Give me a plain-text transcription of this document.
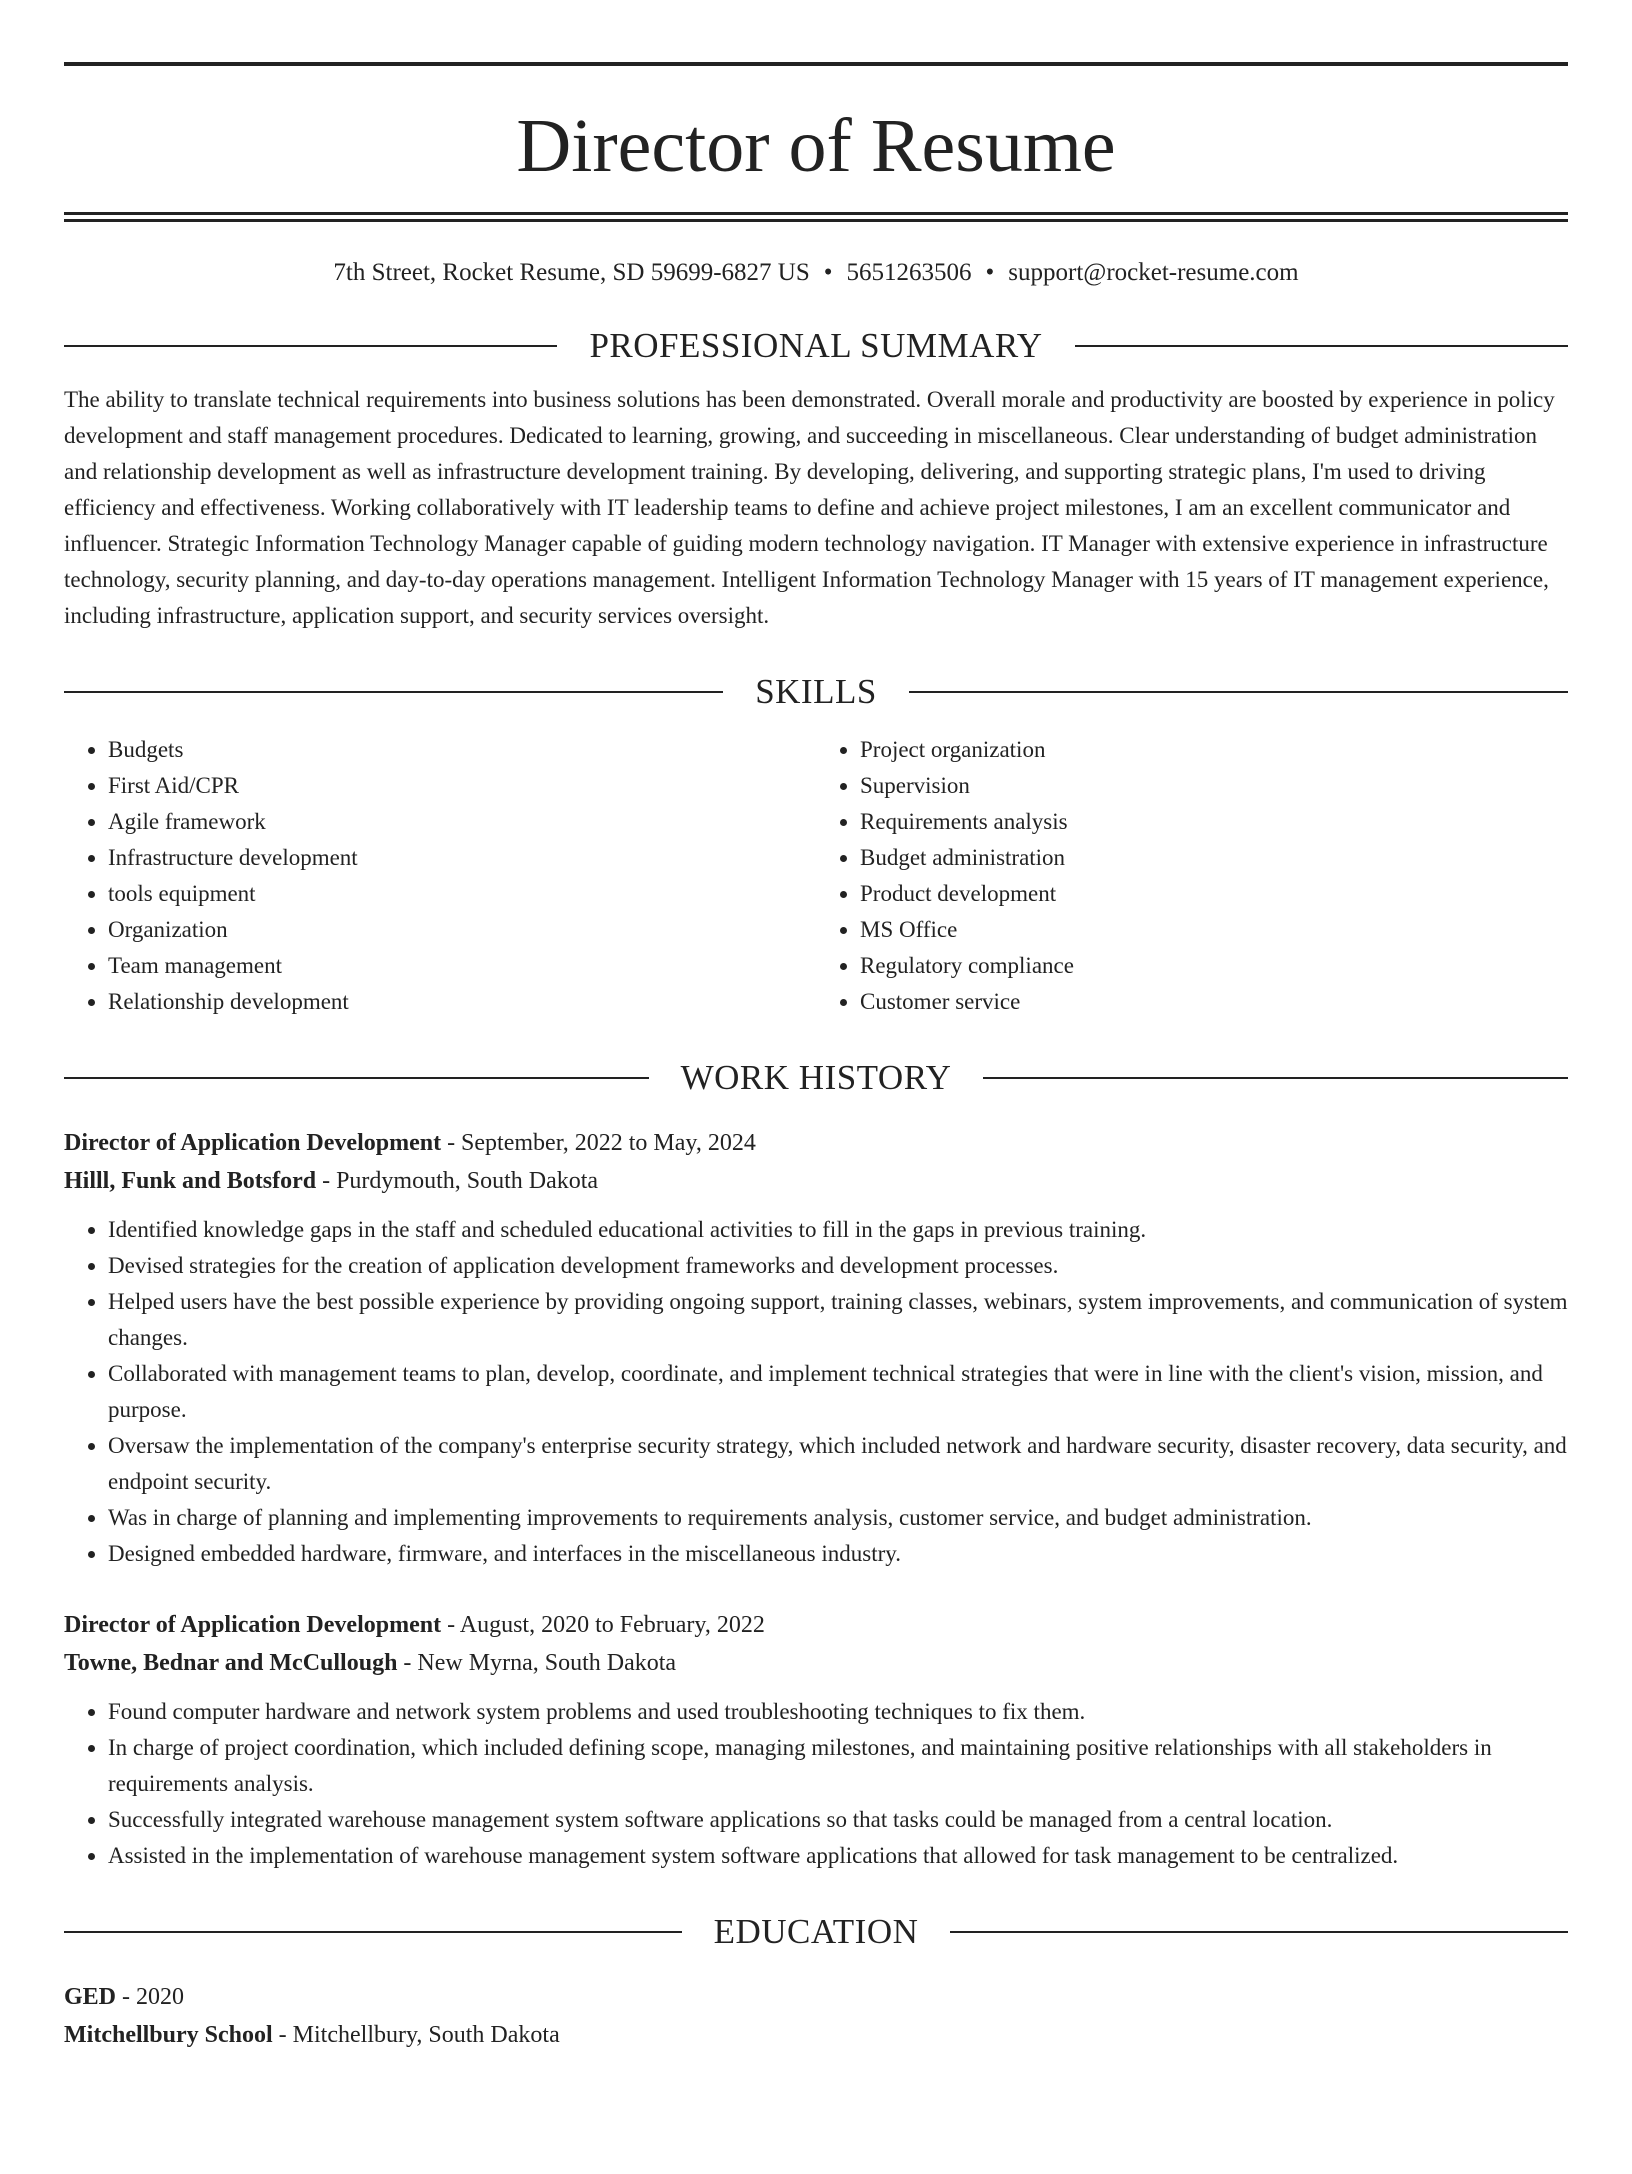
Director of Resume
7th Street, Rocket Resume, SD 59699-6827 US • 5651263506 • support@rocket-resume.com
PROFESSIONAL SUMMARY
The ability to translate technical requirements into business solutions has been demonstrated. Overall morale and productivity are boosted by experience in policy development and staff management procedures. Dedicated to learning, growing, and succeeding in miscellaneous. Clear understanding of budget administration and relationship development as well as infrastructure development training. By developing, delivering, and supporting strategic plans, I'm used to driving efficiency and effectiveness. Working collaboratively with IT leadership teams to define and achieve project milestones, I am an excellent communicator and influencer. Strategic Information Technology Manager capable of guiding modern technology navigation. IT Manager with extensive experience in infrastructure technology, security planning, and day-to-day operations management. Intelligent Information Technology Manager with 15 years of IT management experience, including infrastructure, application support, and security services oversight.
SKILLS
• Budgets
• First Aid/CPR
• Agile framework
• Infrastructure development
• tools equipment
• Organization
• Team management
• Relationship development
• Project organization
• Supervision
• Requirements analysis
• Budget administration
• Product development
• MS Office
• Regulatory compliance
• Customer service
WORK HISTORY
Director of Application Development - September, 2022 to May, 2024
Hilll, Funk and Botsford - Purdymouth, South Dakota
• Identified knowledge gaps in the staff and scheduled educational activities to fill in the gaps in previous training.
• Devised strategies for the creation of application development frameworks and development processes.
• Helped users have the best possible experience by providing ongoing support, training classes, webinars, system improvements, and communication of system changes.
• Collaborated with management teams to plan, develop, coordinate, and implement technical strategies that were in line with the client's vision, mission, and purpose.
• Oversaw the implementation of the company's enterprise security strategy, which included network and hardware security, disaster recovery, data security, and endpoint security.
• Was in charge of planning and implementing improvements to requirements analysis, customer service, and budget administration.
• Designed embedded hardware, firmware, and interfaces in the miscellaneous industry.
Director of Application Development - August, 2020 to February, 2022
Towne, Bednar and McCullough - New Myrna, South Dakota
• Found computer hardware and network system problems and used troubleshooting techniques to fix them.
• In charge of project coordination, which included defining scope, managing milestones, and maintaining positive relationships with all stakeholders in requirements analysis.
• Successfully integrated warehouse management system software applications so that tasks could be managed from a central location.
• Assisted in the implementation of warehouse management system software applications that allowed for task management to be centralized.
EDUCATION
GED - 2020
Mitchellbury School - Mitchellbury, South Dakota
